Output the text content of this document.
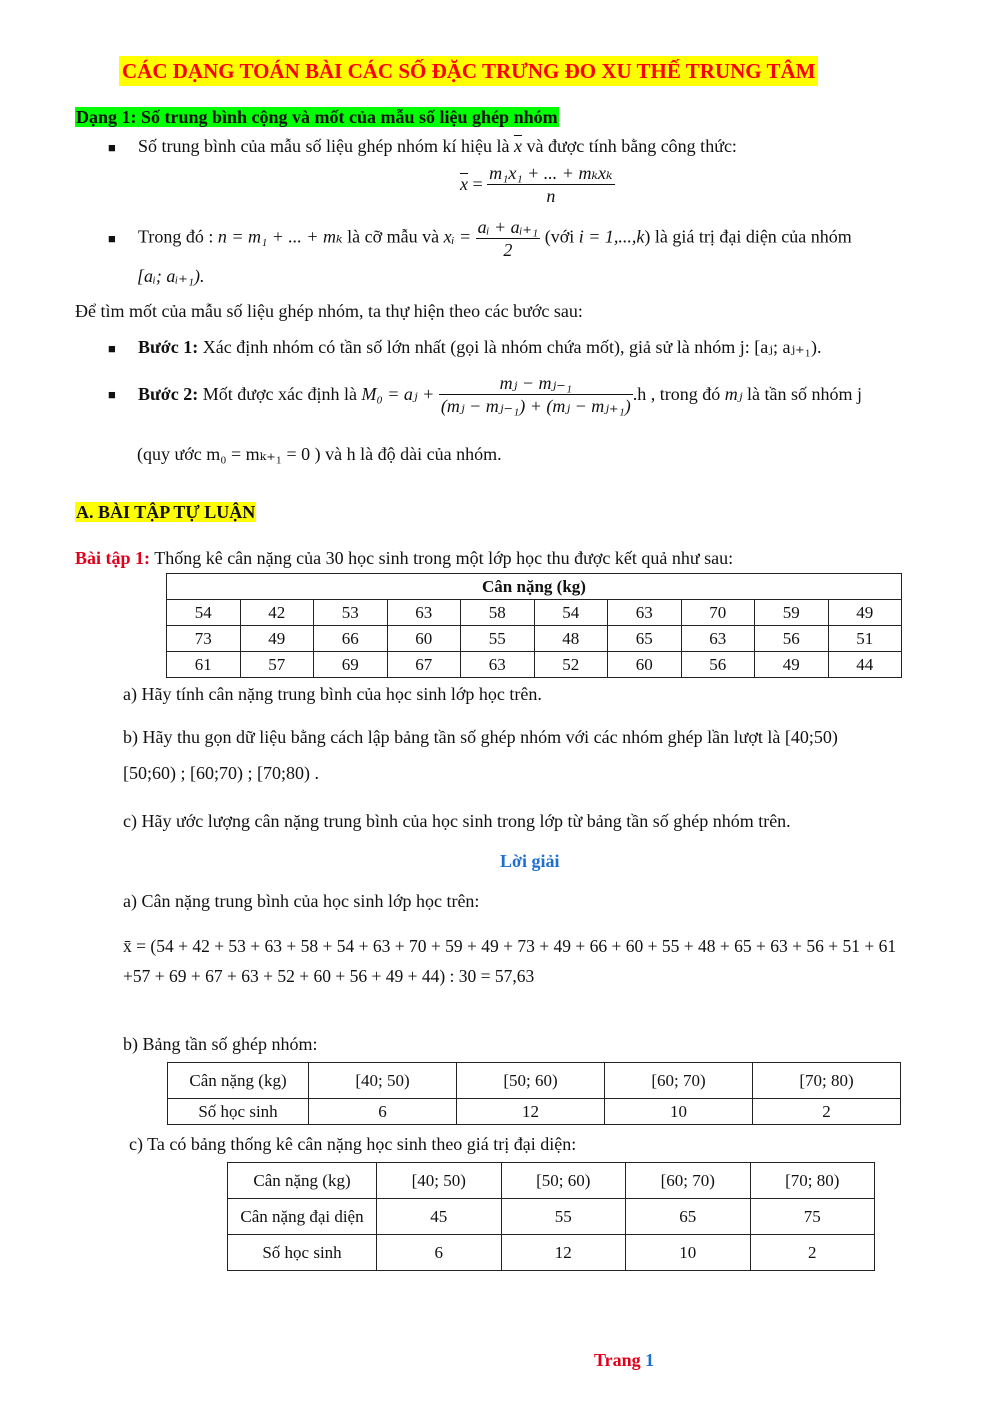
CÁC DẠNG TOÁN BÀI CÁC SỐ ĐẶC TRƯNG ĐO XU THẾ TRUNG TÂM
Dạng 1: Số trung bình cộng và mốt của mẫu số liệu ghép nhóm
■ Số trung bình của mẫu số liệu ghép nhóm kí hiệu là $\overline{x}$ và được tính bằng công thức:
$\overline{x} = \frac{\text{m₁x₁ + ... + mₖxₖ}}{n}$
■ Trong đó : n = m₁ + ... + mₖ là cỡ mẫu và xᵢ = $\frac{\text{aᵢ + aᵢ₊₁}}{2}$ (với i = 1,...,k) là giá trị đại diện của nhóm
[aᵢ; aᵢ₊₁).
Để tìm mốt của mẫu số liệu ghép nhóm, ta thự hiện theo các bước sau:
■ Bước 1: Xác định nhóm có tần số lớn nhất (gọi là nhóm chứa mốt), giả sử là nhóm j: [aⱼ; aⱼ₊₁).
■ Bước 2: Mốt được xác định là M₀ = aⱼ + $\frac{\text{mⱼ − mⱼ₋₁}}{\text{(mⱼ − mⱼ₋₁) + (mⱼ − mⱼ₊₁)}} .h$ , trong đó mⱼ là tần số nhóm j
(quy ước m₀ = mₖ₊₁ = 0 ) và h là độ dài của nhóm.
A. BÀI TẬP TỰ LUẬN
Bài tập 1: Thống kê cân nặng của 30 học sinh trong một lớp học thu được kết quả như sau:
Cân nặng (kg)									
54	42	53	63	58	54	63	70	59	49
73	49	66	60	55	48	65	63	56	51
61	57	69	67	63	52	60	56	49	44
a) Hãy tính cân nặng trung bình của học sinh lớp học trên.
b) Hãy thu gọn dữ liệu bằng cách lập bảng tần số ghép nhóm với các nhóm ghép lần lượt là [40;50)
[50;60) ; [60;70) ; [70;80) .
c) Hãy ước lượng cân nặng trung bình của học sinh trong lớp từ bảng tần số ghép nhóm trên.
Lời giải
a) Cân nặng trung bình của học sinh lớp học trên:
x̄ = (54 + 42 + 53 + 63 + 58 + 54 + 63 + 70 + 59 + 49 + 73 + 49 + 66 + 60 + 55 + 48 + 65 + 63 + 56 + 51 + 61
+57 + 69 + 67 + 63 + 52 + 60 + 56 + 49 + 44) : 30 = 57,63
b) Bảng tần số ghép nhóm:
Cân nặng (kg)	[40; 50)	[50; 60)	[60; 70)	[70; 80)
Số học sinh	6	12	10	2
c) Ta có bảng thống kê cân nặng học sinh theo giá trị đại diện:
Cân nặng (kg)	[40; 50)	[50; 60)	[60; 70)	[70; 80)
Cân nặng đại diện	45	55	65	75
Số học sinh	6	12	10	2
Trang 1
